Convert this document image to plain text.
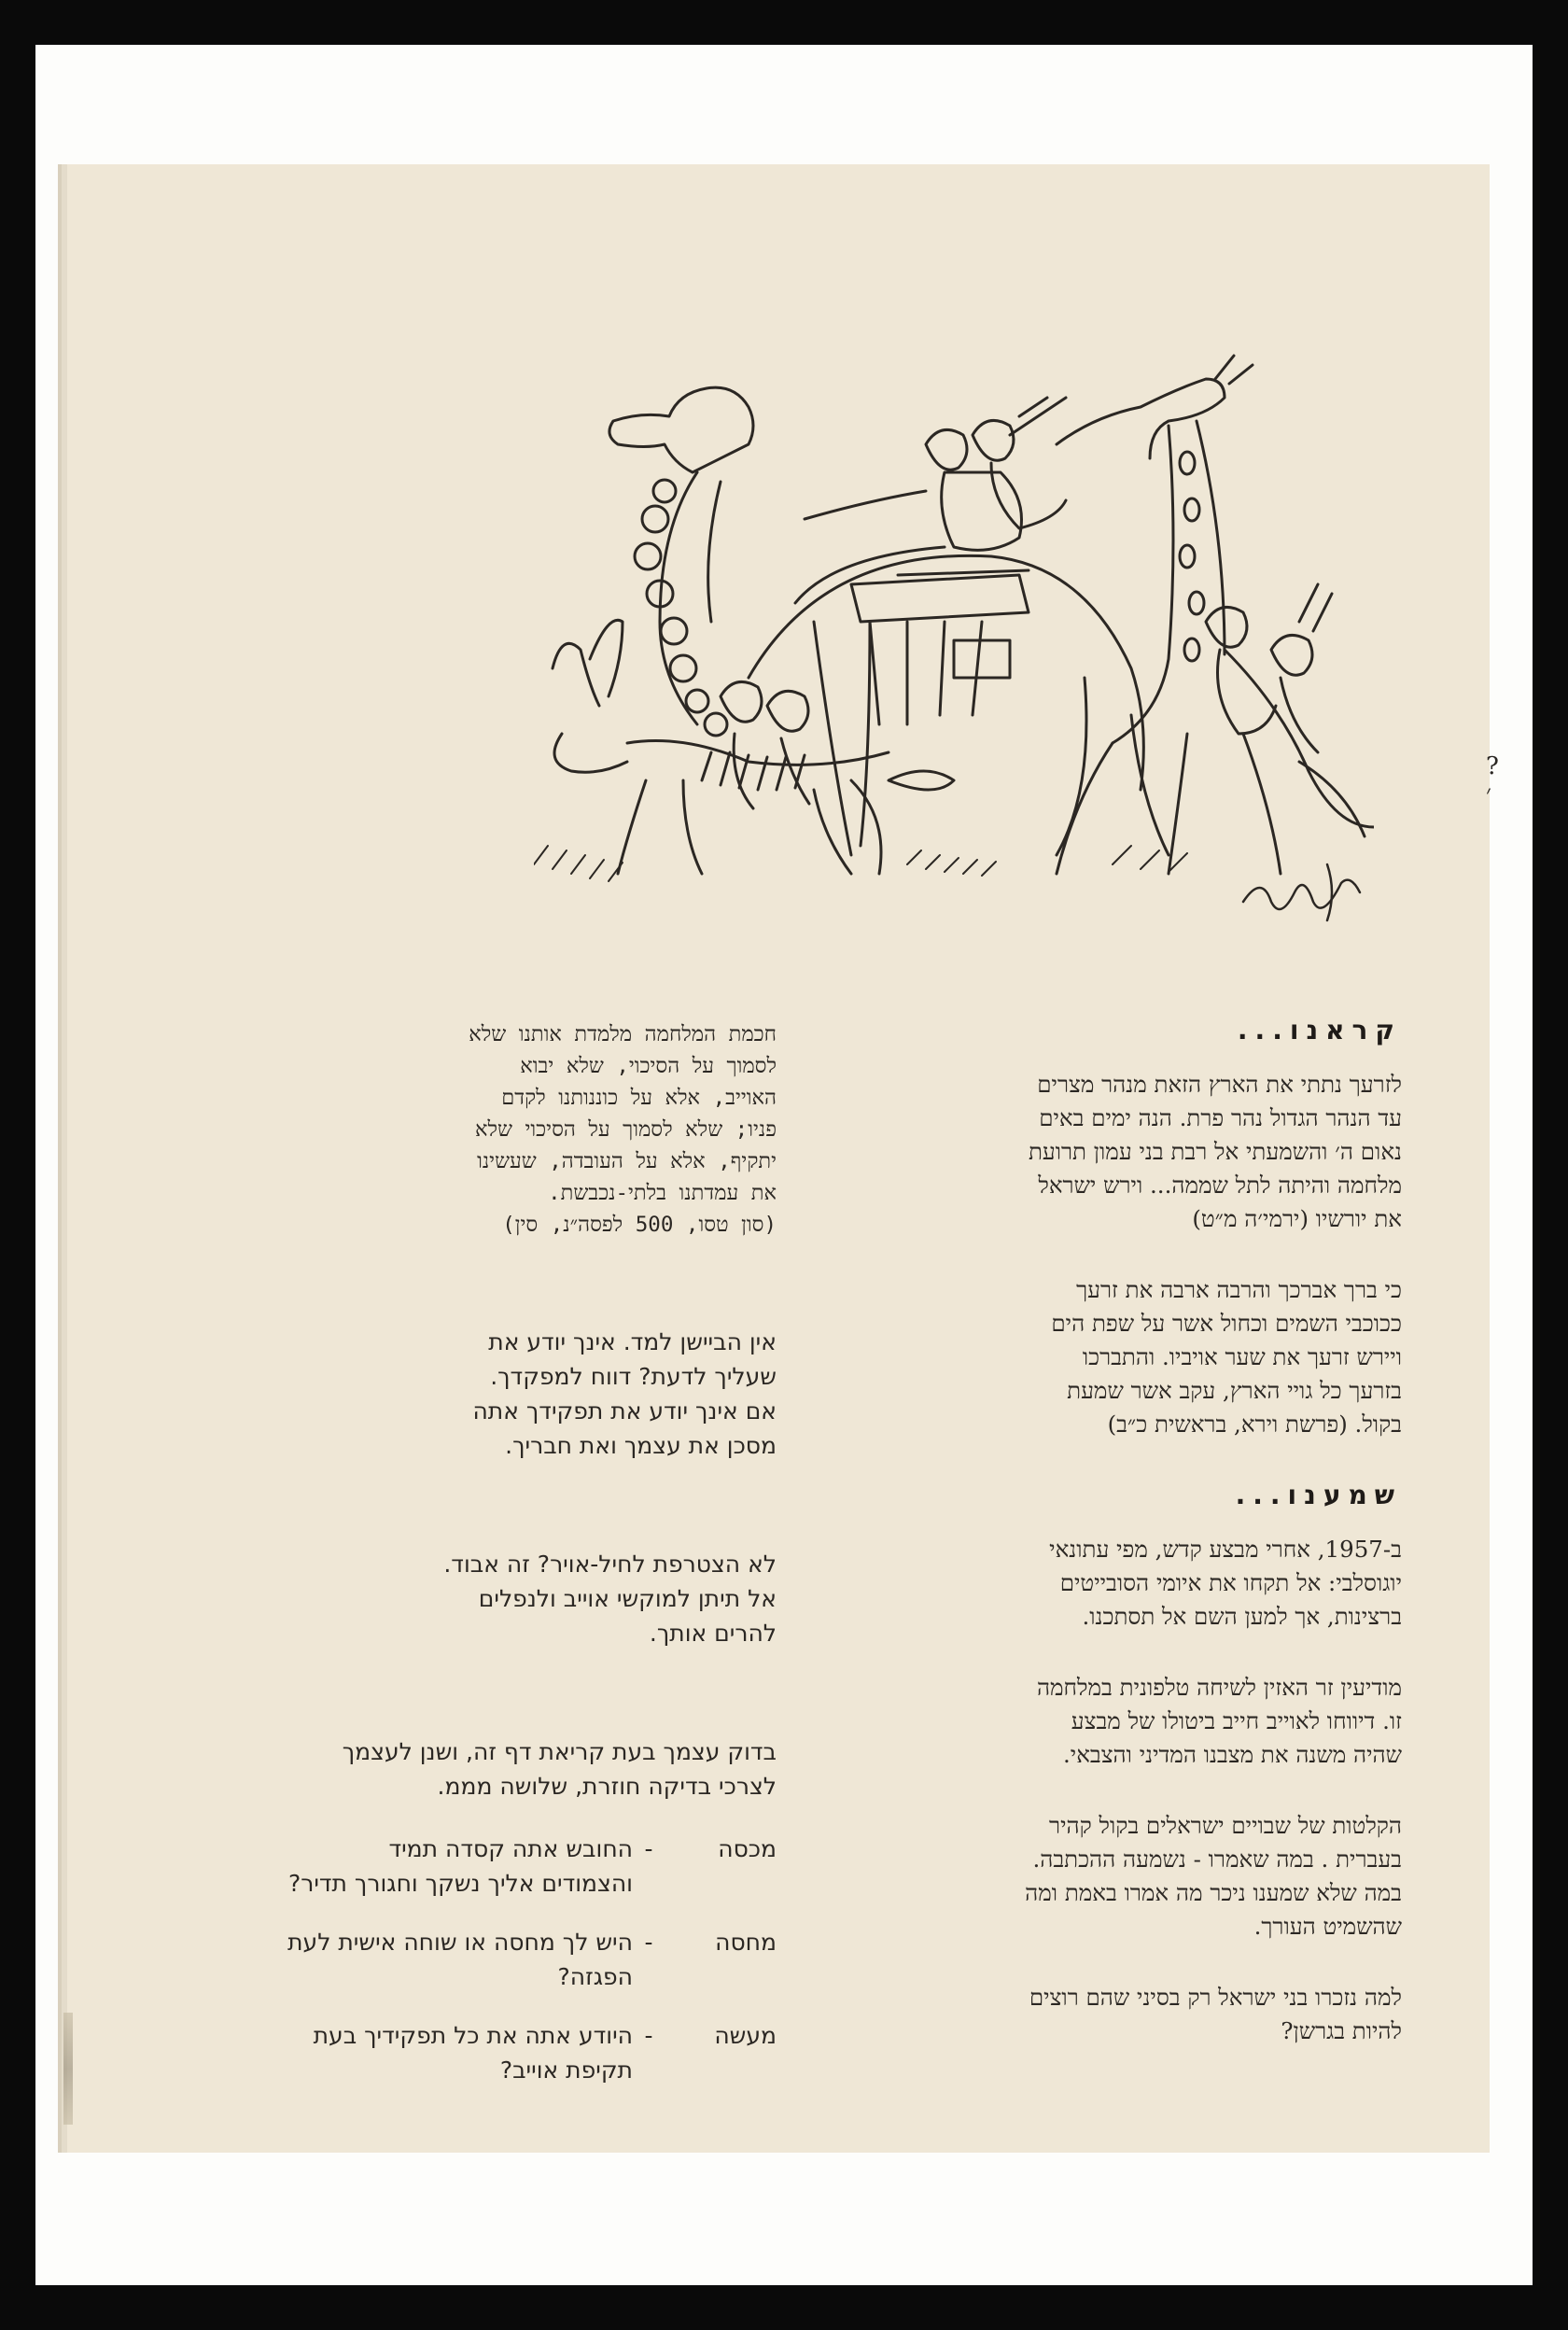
?׳
קראנו...

לזרעך נתתי את הארץ הזאת מנהר מצרים
עד הנהר הגדול נהר פרת. הנה ימים באים
נאום ה׳ והשמעתי אל רבת בני עמון תרועת
מלחמה והיתה לתל שממה... וירש ישראל
את יורשיו (ירמי׳ה מ״ט)

כי ברך אברכך והרבה ארבה את זרעך
ככוכבי השמים וכחול אשר על שפת הים
ויירש זרעך את שער אויביו. והתברכו
בזרעך כל גויי הארץ, עקב אשר שמעת
בקול. (פרשת וירא, בראשית כ״ב)

שמענו...

ב-1957, אחרי מבצע קדש, מפי עתונאי
יוגוסלבי: אל תקחו את איומי הסובייטים
ברצינות, אך למען השם אל תסתכנו.

מודיעין זר האזין לשיחה טלפונית במלחמה
זו. דיווחו לאוייב חייב ביטולו של מבצע
שהיה משנה את מצבנו המדיני והצבאי.

הקלטות של שבויים ישראלים בקול קהיר
בעברית . במה שאמרו - נשמעה ההכתבה.
במה שלא שמענו ניכר מה אמרו באמת ומה
שהשמיט העורך.

למה נזכרו בני ישראל רק בסיני שהם רוצים
להיות בגרשן?

חכמת המלחמה מלמדת אותנו שלא
לסמוך על הסיכוי, שלא יבוא
האוייב, אלא על כוננותנו לקדם
פניו; שלא לסמוך על הסיכוי שלא
יתקיף, אלא על העובדה, שעשינו
את עמדתנו בלתי-נכבשת.
(סון טסו, 500 לפסה״נ, סין)

אין הביישן למד. אינך יודע את
שעליך לדעת? דווח למפקדך.
אם אינך יודע את תפקידך אתה
מסכן את עצמך ואת חבריך.

לא הצטרפת לחיל-אויר? זה אבוד.
אל תיתן למוקשי אוייב ולנפלים
להרים אותך.

בדוק עצמך בעת קריאת דף זה, ושנן לעצמך
לצרכי בדיקה חוזרת, שלושה מממ.

מכסה
-
החובש אתה קסדה תמיד
והצמודים אליך נשקך וחגורך תדיר?
מחסה
-
היש לך מחסה או שוחה אישית לעת
הפגזה?
מעשה
-
היודע אתה את כל תפקידיך בעת
תקיפת אוייב?
